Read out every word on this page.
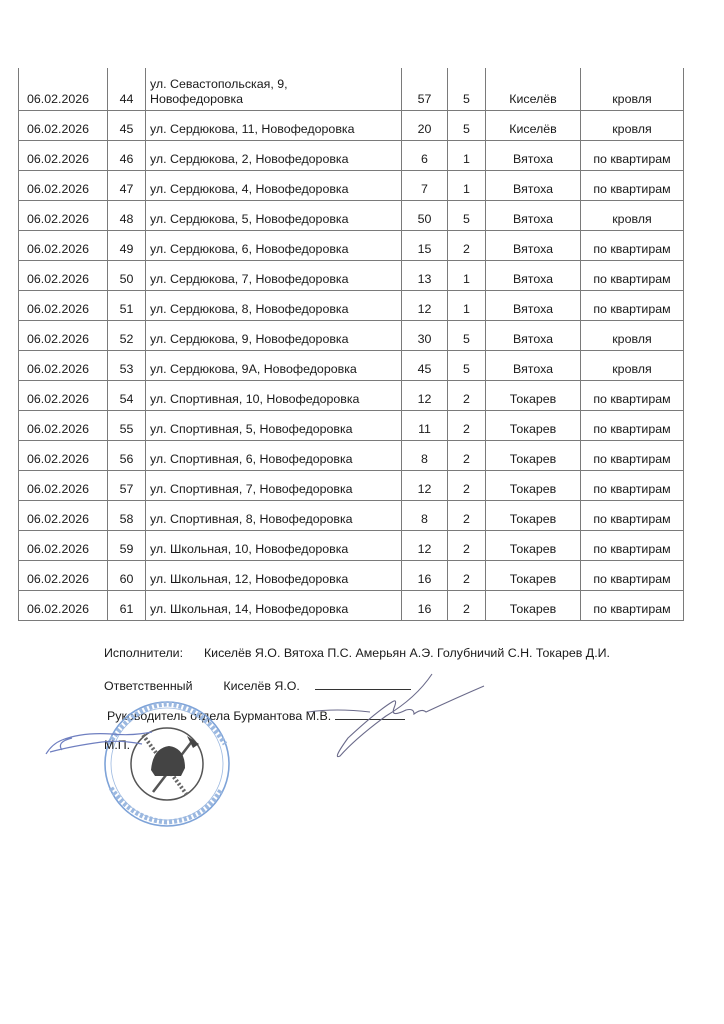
06.02.2026	44	ул. Севастопольская, 9,
Новофедоровка	57	5	Киселёв	кровля
06.02.2026	45	ул. Сердюкова, 11, Новофедоровка	20	5	Киселёв	кровля
06.02.2026	46	ул. Сердюкова, 2, Новофедоровка	6	1	Вятоха	по квартирам
06.02.2026	47	ул. Сердюкова, 4, Новофедоровка	7	1	Вятоха	по квартирам
06.02.2026	48	ул. Сердюкова, 5, Новофедоровка	50	5	Вятоха	кровля
06.02.2026	49	ул. Сердюкова, 6, Новофедоровка	15	2	Вятоха	по квартирам
06.02.2026	50	ул. Сердюкова, 7, Новофедоровка	13	1	Вятоха	по квартирам
06.02.2026	51	ул. Сердюкова, 8, Новофедоровка	12	1	Вятоха	по квартирам
06.02.2026	52	ул. Сердюкова, 9, Новофедоровка	30	5	Вятоха	кровля
06.02.2026	53	ул. Сердюкова, 9А, Новофедоровка	45	5	Вятоха	кровля
06.02.2026	54	ул. Спортивная, 10, Новофедоровка	12	2	Токарев	по квартирам
06.02.2026	55	ул. Спортивная, 5, Новофедоровка	11	2	Токарев	по квартирам
06.02.2026	56	ул. Спортивная, 6, Новофедоровка	8	2	Токарев	по квартирам
06.02.2026	57	ул. Спортивная, 7, Новофедоровка	12	2	Токарев	по квартирам
06.02.2026	58	ул. Спортивная, 8, Новофедоровка	8	2	Токарев	по квартирам
06.02.2026	59	ул. Школьная, 10, Новофедоровка	12	2	Токарев	по квартирам
06.02.2026	60	ул. Школьная, 12, Новофедоровка	16	2	Токарев	по квартирам
06.02.2026	61	ул. Школьная, 14, Новофедоровка	16	2	Токарев	по квартирам
Исполнители: Киселёв Я.О. Вятоха П.С. Амерьян А.Э. Голубничий С.Н. Токарев Д.И.
Ответственный Киселёв Я.О.
Руководитель отдела Бурмантова М.В.
М.П.
